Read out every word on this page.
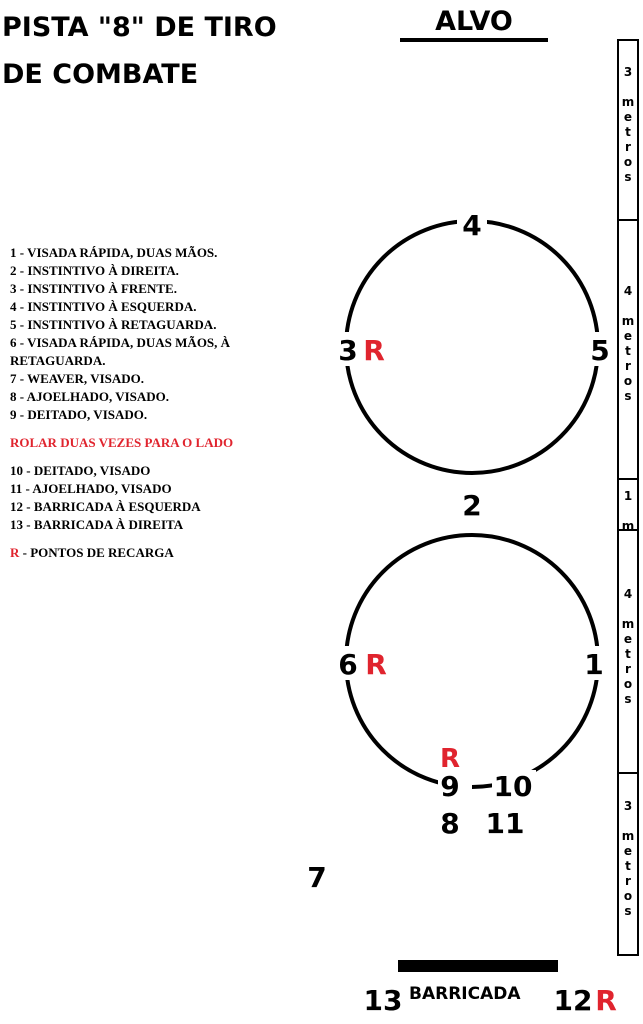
PISTA "8" DE TIRO
DE COMBATE
ALVO
1 - VISADA RÁPIDA, DUAS MÃOS.
2 - INSTINTIVO À DIREITA.
3 - INSTINTIVO À FRENTE.
4 - INSTINTIVO À ESQUERDA.
5 - INSTINTIVO À RETAGUARDA.
6 - VISADA RÁPIDA, DUAS MÃOS, À
RETAGUARDA.
7 - WEAVER, VISADO.
8 - AJOELHADO, VISADO.
9 - DEITADO, VISADO.
ROLAR DUAS VEZES PARA O LADO
10 - DEITADO, VISADO
11 - AJOELHADO, VISADO
12 - BARRICADA À ESQUERDA
13 - BARRICADA À DIREITA
R - PONTOS DE RECARGA
4
3 R	5
2
6 R	1
R
9 10
8 11
7
13	12 R
3
m
e
t
r
o
s
4
m
e
t
r
o
s
1
m
4
m
e
t
r
o
s
3
m
e
t
r
o
s
BARRICADA
